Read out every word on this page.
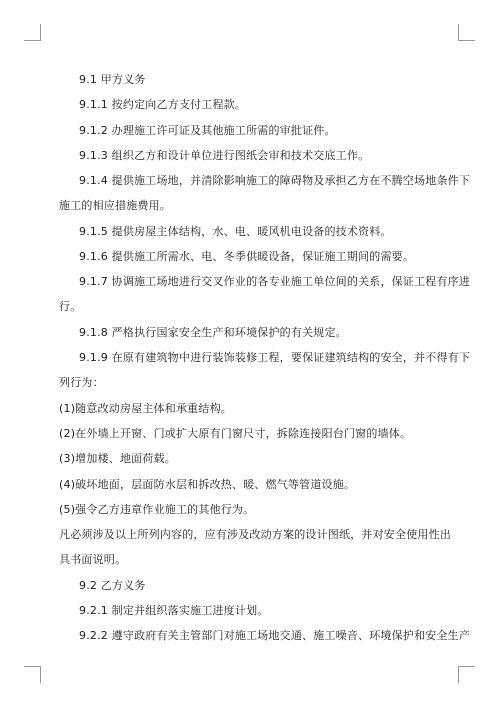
9.1 甲方义务

9.1.1 按约定向乙方支付工程款。

9.1.2 办理施工许可证及其他施工所需的审批证件。

9.1.3 组织乙方和设计单位进行图纸会审和技术交底工作。

9.1.4 提供施工场地，并清除影响施工的障碍物及承担乙方在不腾空场地条件下

施工的相应措施费用。

9.1.5 提供房屋主体结构，水、电、暖风机电设备的技术资料。

9.1.6 提供施工所需水、电、冬季供暖设备，保证施工期间的需要。

9.1.7 协调施工场地进行交叉作业的各专业施工单位间的关系，保证工程有序进

行。

9.1.8 严格执行国家安全生产和环境保护的有关规定。

9.1.9 在原有建筑物中进行装饰装修工程，要保证建筑结构的安全，并不得有下

列行为：

(1)随意改动房屋主体和承重结构。

(2)在外墙上开窗、门或扩大原有门窗尺寸，拆除连接阳台门窗的墙体。

(3)增加楼、地面荷载。

(4)破坏地面，层面防水层和拆改热、暖、燃气等管道设施。

(5)强令乙方违章作业施工的其他行为。

凡必须涉及以上所列内容的，应有涉及改动方案的设计图纸，并对安全使用性出

具书面说明。

9.2 乙方义务

9.2.1 制定并组织落实施工进度计划。

9.2.2 遵守政府有关主管部门对施工场地交通、施工噪音、环境保护和安全生产
